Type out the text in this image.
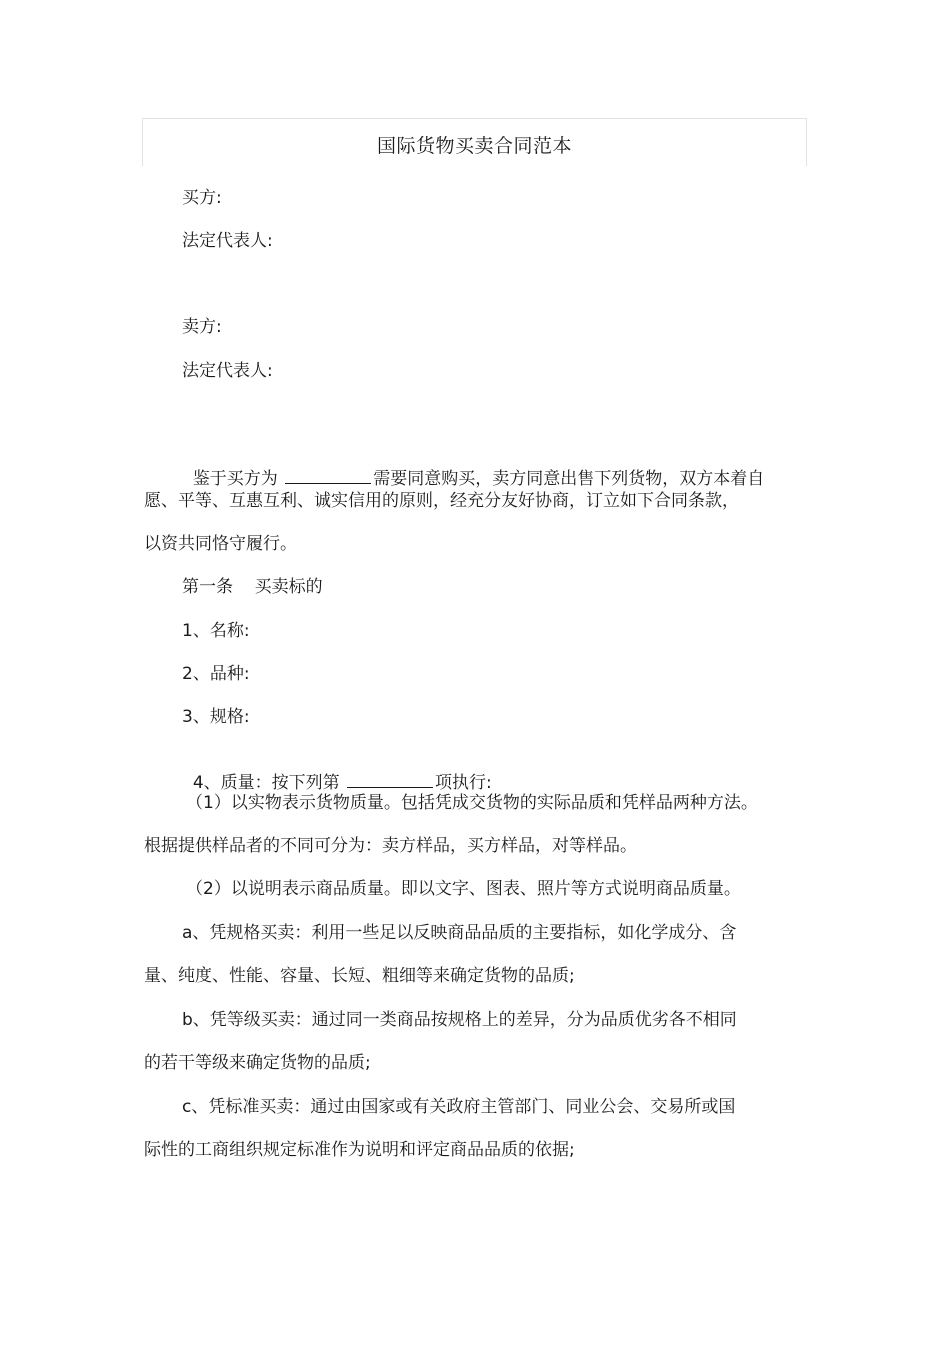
国际货物买卖合同范本
买方:
法定代表人:
卖方:
法定代表人:

鉴于买方为	需要同意购买，卖方同意出售下列货物，双方本着自

愿、平等、互惠互利、诚实信用的原则，经充分友好协商，订立如下合同条款，
以资共同恪守履行。
第一条    买卖标的
1、名称:
2、品种:
3、规格:

4、质量：按下列第	项执行:

（1）以实物表示货物质量。包括凭成交货物的实际品质和凭样品两种方法。
根据提供样品者的不同可分为：卖方样品，买方样品，对等样品。
（2）以说明表示商品质量。即以文字、图表、照片等方式说明商品质量。
a、凭规格买卖：利用一些足以反映商品品质的主要指标，如化学成分、含
量、纯度、性能、容量、长短、粗细等来确定货物的品质;
b、凭等级买卖：通过同一类商品按规格上的差异，分为品质优劣各不相同
的若干等级来确定货物的品质;
c、凭标准买卖：通过由国家或有关政府主管部门、同业公会、交易所或国
际性的工商组织规定标准作为说明和评定商品品质的依据;
